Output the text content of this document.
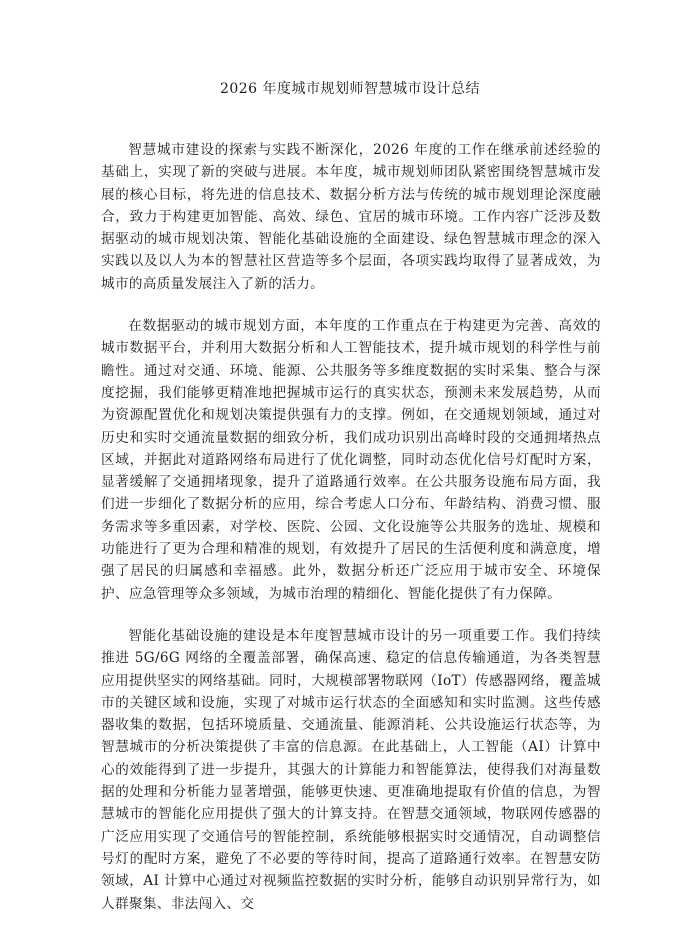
2026 年度城市规划师智慧城市设计总结

智慧城市建设的探索与实践不断深化，2026 年度的工作在继承前述经验的基础上，实现了新的突破与进展。本年度，城市规划师团队紧密围绕智慧城市发展的核心目标，将先进的信息技术、数据分析方法与传统的城市规划理论深度融合，致力于构建更加智能、高效、绿色、宜居的城市环境。工作内容广泛涉及数据驱动的城市规划决策、智能化基础设施的全面建设、绿色智慧城市理念的深入实践以及以人为本的智慧社区营造等多个层面，各项实践均取得了显著成效，为城市的高质量发展注入了新的活力。

在数据驱动的城市规划方面，本年度的工作重点在于构建更为完善、高效的城市数据平台，并利用大数据分析和人工智能技术，提升城市规划的科学性与前瞻性。通过对交通、环境、能源、公共服务等多维度数据的实时采集、整合与深度挖掘，我们能够更精准地把握城市运行的真实状态，预测未来发展趋势，从而为资源配置优化和规划决策提供强有力的支撑。例如，在交通规划领域，通过对历史和实时交通流量数据的细致分析，我们成功识别出高峰时段的交通拥堵热点区域，并据此对道路网络布局进行了优化调整，同时动态优化信号灯配时方案，显著缓解了交通拥堵现象，提升了道路通行效率。在公共服务设施布局方面，我们进一步细化了数据分析的应用，综合考虑人口分布、年龄结构、消费习惯、服务需求等多重因素，对学校、医院、公园、文化设施等公共服务的选址、规模和功能进行了更为合理和精准的规划，有效提升了居民的生活便利度和满意度，增强了居民的归属感和幸福感。此外，数据分析还广泛应用于城市安全、环境保护、应急管理等众多领域，为城市治理的精细化、智能化提供了有力保障。

智能化基础设施的建设是本年度智慧城市设计的另一项重要工作。我们持续推进 5G/6G 网络的全覆盖部署，确保高速、稳定的信息传输通道，为各类智慧应用提供坚实的网络基础。同时，大规模部署物联网（IoT）传感器网络，覆盖城市的关键区域和设施，实现了对城市运行状态的全面感知和实时监测。这些传感器收集的数据，包括环境质量、交通流量、能源消耗、公共设施运行状态等，为智慧城市的分析决策提供了丰富的信息源。在此基础上，人工智能（AI）计算中心的效能得到了进一步提升，其强大的计算能力和智能算法，使得我们对海量数据的处理和分析能力显著增强，能够更快速、更准确地提取有价值的信息，为智慧城市的智能化应用提供了强大的计算支持。在智慧交通领域，物联网传感器的广泛应用实现了交通信号的智能控制，系统能够根据实时交通情况，自动调整信号灯的配时方案，避免了不必要的等待时间，提高了道路通行效率。在智慧安防领域，AI 计算中心通过对视频监控数据的实时分析，能够自动识别异常行为，如人群聚集、非法闯入、交
